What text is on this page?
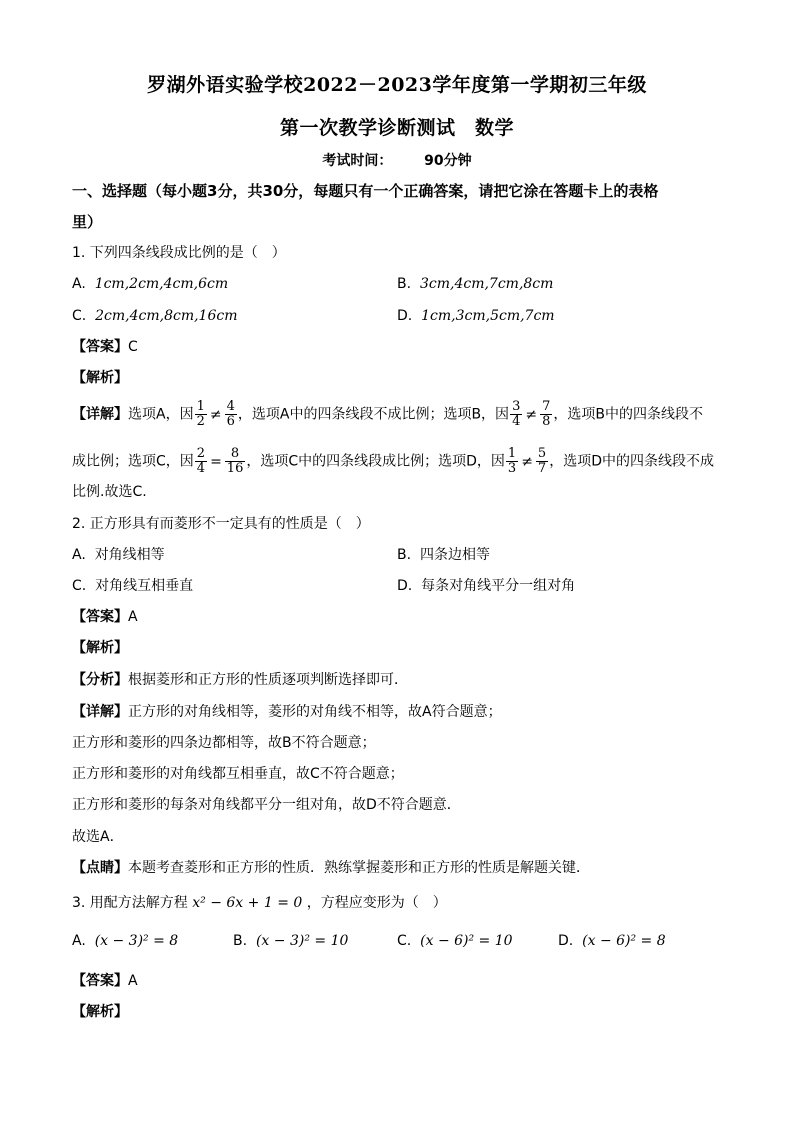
罗湖外语实验学校2022－2023学年度第一学期初三年级
第一次教学诊断测试　数学
考试时间： 90分钟
一、选择题（每小题3分，共30分，每题只有一个正确答案，请把它涂在答题卡上的表格
里）
1. 下列四条线段成比例的是（　）
A. 1cm,2cm,4cm,6cm	B. 3cm,4cm,7cm,8cm
C. 2cm,4cm,8cm,16cm	D. 1cm,3cm,5cm,7cm
【答案】C
【解析】
【详解】选项A，因 $\frac{1}{2} \ne \frac{4}{6}$ ，选项A中的四条线段不成比例；选项B，因 $\frac{3}{4} \ne \frac{7}{8}$ ，选项B中的四条线段不
成比例；选项C，因 $\frac{2}{4} = \frac{8}{16}$ ，选项C中的四条线段成比例；选项D，因 $\frac{1}{3} \ne \frac{5}{7}$ ，选项D中的四条线段不成
比例.故选C.
2. 正方形具有而菱形不一定具有的性质是（　）
A. 对角线相等	B. 四条边相等
C. 对角线互相垂直	D. 每条对角线平分一组对角
【答案】A
【解析】
【分析】根据菱形和正方形的性质逐项判断选择即可．
【详解】正方形的对角线相等，菱形的对角线不相等，故A符合题意；
正方形和菱形的四条边都相等，故B不符合题意；
正方形和菱形的对角线都互相垂直，故C不符合题意；
正方形和菱形的每条对角线都平分一组对角，故D不符合题意．
故选A．
【点睛】本题考查菱形和正方形的性质．熟练掌握菱形和正方形的性质是解题关键．
3. 用配方法解方程 x² − 6x + 1 = 0 ，方程应变形为（　）
A. (x − 3)² = 8	B. (x − 3)² = 10	C. (x − 6)² = 10	D. (x − 6)² = 8
【答案】A
【解析】
